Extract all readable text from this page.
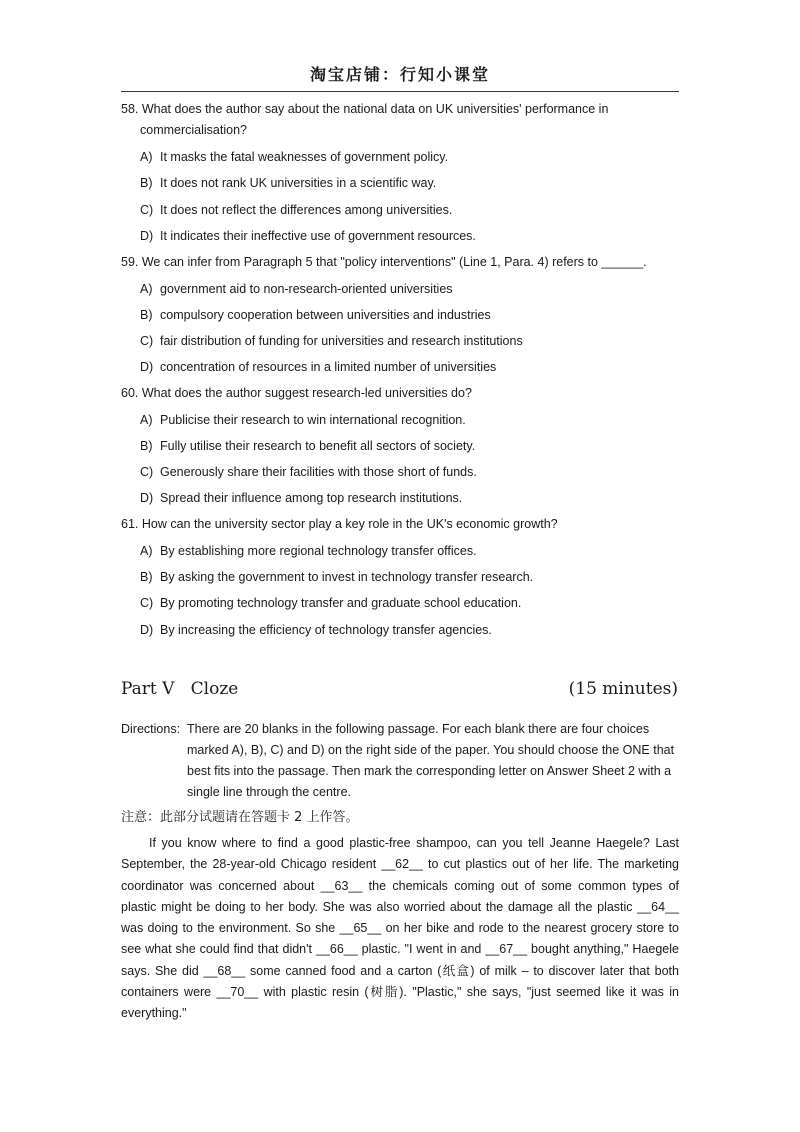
淘宝店铺：行知小课堂
58. What does the author say about the national data on UK universities' performance in
commercialisation?
A) It masks the fatal weaknesses of government policy.
B) It does not rank UK universities in a scientific way.
C) It does not reflect the differences among universities.
D) It indicates their ineffective use of government resources.
59. We can infer from Paragraph 5 that "policy interventions" (Line 1, Para. 4) refers to ______.
A) government aid to non-research-oriented universities
B) compulsory cooperation between universities and industries
C) fair distribution of funding for universities and research institutions
D) concentration of resources in a limited number of universities
60. What does the author suggest research-led universities do?
A) Publicise their research to win international recognition.
B) Fully utilise their research to benefit all sectors of society.
C) Generously share their facilities with those short of funds.
D) Spread their influence among top research institutions.
61. How can the university sector play a key role in the UK's economic growth?
A) By establishing more regional technology transfer offices.
B) By asking the government to invest in technology transfer research.
C) By promoting technology transfer and graduate school education.
D) By increasing the efficiency of technology transfer agencies.
Part V   Cloze	(15 minutes)
Directions: There are 20 blanks in the following passage. For each blank there are four choices marked A), B), C) and D) on the right side of the paper. You should choose the ONE that best fits into the passage. Then mark the corresponding letter on Answer Sheet 2 with a single line through the centre.
注意：此部分试题请在答题卡 2 上作答。
If you know where to find a good plastic-free shampoo, can you tell Jeanne Haegele? Last September, the 28-year-old Chicago resident __62__ to cut plastics out of her life. The marketing coordinator was concerned about __63__ the chemicals coming out of some common types of plastic might be doing to her body. She was also worried about the damage all the plastic __64__ was doing to the environment. So she __65__ on her bike and rode to the nearest grocery store to see what she could find that didn't __66__ plastic. "I went in and __67__ bought anything," Haegele says. She did __68__ some canned food and a carton (纸盒) of milk – to discover later that both containers were __70__ with plastic resin (树脂). "Plastic," she says, "just seemed like it was in everything."
